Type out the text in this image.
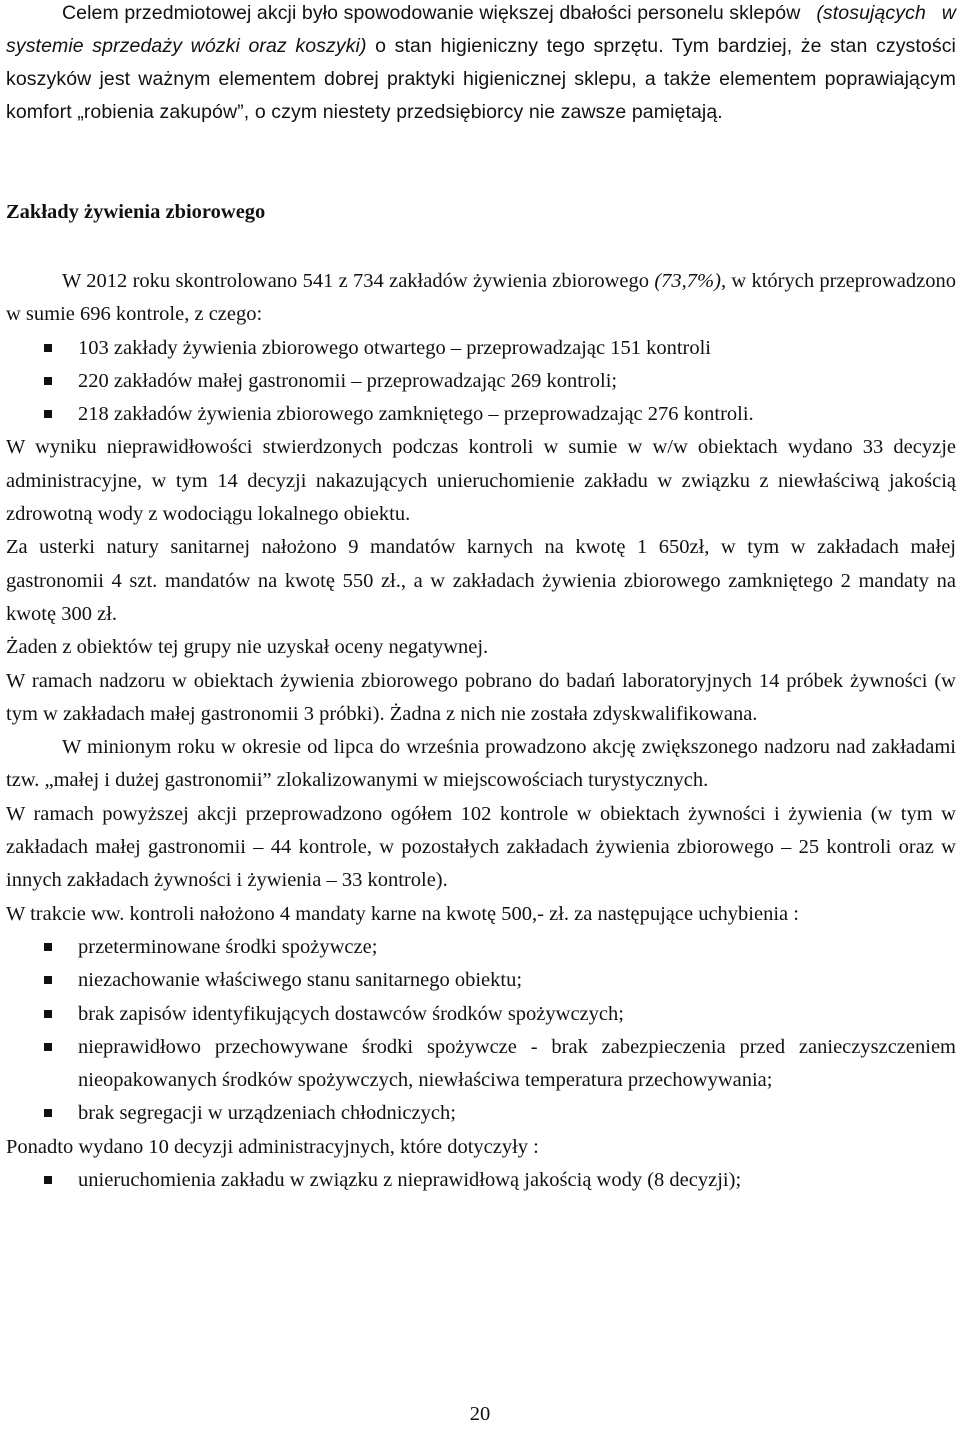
Celem przedmiotowej akcji było spowodowanie większej dbałości personelu sklepów (stosujących w systemie sprzedaży wózki oraz koszyki) o stan higieniczny tego sprzętu. Tym bardziej, że stan czystości koszyków jest ważnym elementem dobrej praktyki higienicznej sklepu, a także elementem poprawiającym komfort „robienia zakupów”, o czym niestety przedsiębiorcy nie zawsze pamiętają.

Zakłady żywienia zbiorowego

W 2012 roku skontrolowano 541 z 734 zakładów żywienia zbiorowego (73,7%), w których przeprowadzono w sumie 696 kontrole, z czego:

103 zakłady żywienia zbiorowego otwartego – przeprowadzając 151 kontroli
220 zakładów małej gastronomii – przeprowadzając 269 kontroli;
218 zakładów żywienia zbiorowego zamkniętego – przeprowadzając 276 kontroli.

W wyniku nieprawidłowości stwierdzonych podczas kontroli w sumie w w/w obiektach wydano 33 decyzje administracyjne, w tym 14 decyzji nakazujących unieruchomienie zakładu w związku z niewłaściwą jakością zdrowotną wody z wodociągu lokalnego obiektu.

Za usterki natury sanitarnej nałożono 9 mandatów karnych na kwotę 1 650zł, w tym w zakładach małej gastronomii 4 szt. mandatów na kwotę 550 zł., a w zakładach żywienia zbiorowego zamkniętego 2 mandaty na kwotę 300 zł.

Żaden z obiektów tej grupy nie uzyskał oceny negatywnej.

W ramach nadzoru w obiektach żywienia zbiorowego pobrano do badań laboratoryjnych 14 próbek żywności (w tym w zakładach małej gastronomii 3 próbki). Żadna z nich nie została zdyskwalifikowana.

W minionym roku w okresie od lipca do września prowadzono akcję zwiększonego nadzoru nad zakładami tzw. „małej i dużej gastronomii” zlokalizowanymi w miejscowościach turystycznych.

W ramach powyższej akcji przeprowadzono ogółem 102 kontrole w obiektach żywności i żywienia (w tym w zakładach małej gastronomii – 44 kontrole, w pozostałych zakładach żywienia zbiorowego – 25 kontroli oraz w innych zakładach żywności i żywienia – 33 kontrole).

W trakcie ww. kontroli nałożono 4 mandaty karne na kwotę 500,- zł. za następujące uchybienia :

przeterminowane środki spożywcze;
niezachowanie właściwego stanu sanitarnego obiektu;
brak zapisów identyfikujących dostawców środków spożywczych;
nieprawidłowo przechowywane środki spożywcze - brak zabezpieczenia przed zanieczyszczeniem nieopakowanych środków spożywczych, niewłaściwa temperatura przechowywania;
brak segregacji w urządzeniach chłodniczych;

Ponadto wydano 10 decyzji administracyjnych, które dotyczyły :

unieruchomienia zakładu w związku z nieprawidłową jakością wody (8 decyzji);
20
